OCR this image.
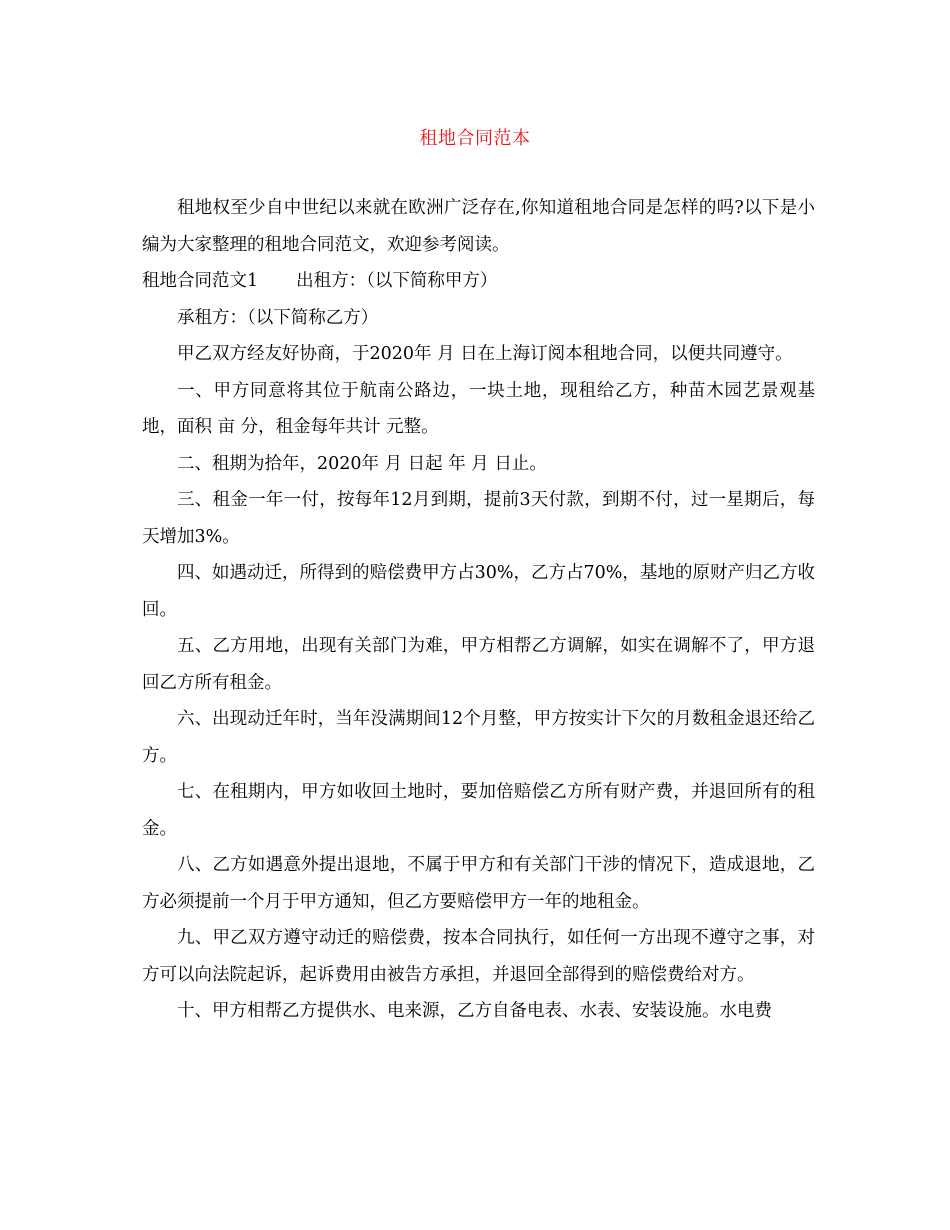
租地合同范本

租地权至少自中世纪以来就在欧洲广泛存在,你知道租地合同是怎样的吗?以下是小编为大家整理的租地合同范文，欢迎参考阅读。

租地合同范文1 出租方：（以下简称甲方）

承租方：（以下简称乙方）

甲乙双方经友好协商，于2020年 月 日在上海订阅本租地合同，以便共同遵守。

一、甲方同意将其位于航南公路边，一块土地，现租给乙方，种苗木园艺景观基地，面积 亩 分，租金每年共计 元整。

二、租期为拾年，2020年 月 日起 年 月 日止。

三、租金一年一付，按每年12月到期，提前3天付款，到期不付，过一星期后，每天增加3%。

四、如遇动迁，所得到的赔偿费甲方占30%，乙方占70%，基地的原财产归乙方收回。

五、乙方用地，出现有关部门为难，甲方相帮乙方调解，如实在调解不了，甲方退回乙方所有租金。

六、出现动迁年时，当年没满期间12个月整，甲方按实计下欠的月数租金退还给乙方。

七、在租期内，甲方如收回土地时，要加倍赔偿乙方所有财产费，并退回所有的租金。

八、乙方如遇意外提出退地，不属于甲方和有关部门干涉的情况下，造成退地，乙方必须提前一个月于甲方通知，但乙方要赔偿甲方一年的地租金。

九、甲乙双方遵守动迁的赔偿费，按本合同执行，如任何一方出现不遵守之事，对方可以向法院起诉，起诉费用由被告方承担，并退回全部得到的赔偿费给对方。

十、甲方相帮乙方提供水、电来源，乙方自备电表、水表、安装设施。水电费
